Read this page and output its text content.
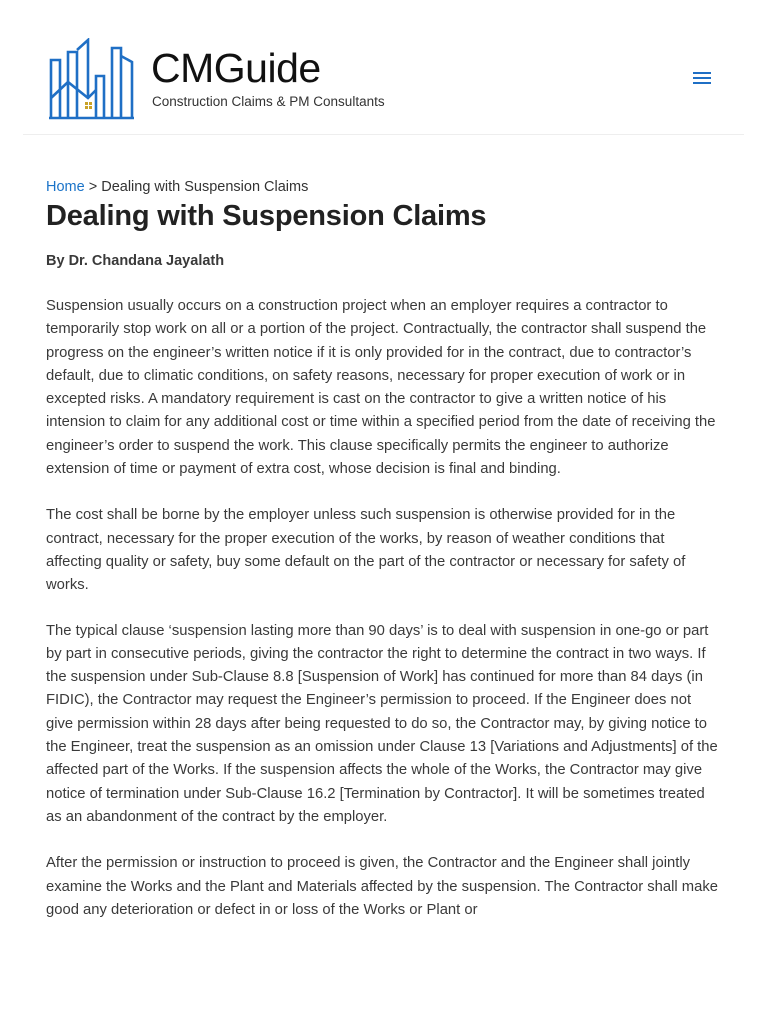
CMGuide
Construction Claims & PM Consultants
Home > Dealing with Suspension Claims
Dealing with Suspension Claims

By Dr. Chandana Jayalath

Suspension usually occurs on a construction project when an employer requires a contractor to temporarily stop work on all or a portion of the project. Contractually, the contractor shall suspend the progress on the engineer’s written notice if it is only provided for in the contract, due to contractor’s default, due to climatic conditions, on safety reasons, necessary for proper execution of work or in excepted risks. A mandatory requirement is cast on the contractor to give a written notice of his intension to claim for any additional cost or time within a specified period from the date of receiving the engineer’s order to suspend the work. This clause specifically permits the engineer to authorize extension of time or payment of extra cost, whose decision is final and binding.

The cost shall be borne by the employer unless such suspension is otherwise provided for in the contract, necessary for the proper execution of the works, by reason of weather conditions that affecting quality or safety, buy some default on the part of the contractor or necessary for safety of works.

The typical clause ‘suspension lasting more than 90 days’ is to deal with suspension in one-go or part by part in consecutive periods, giving the contractor the right to determine the contract in two ways. If the suspension under Sub-Clause 8.8 [Suspension of Work] has continued for more than 84 days (in FIDIC), the Contractor may request the Engineer’s permission to proceed. If the Engineer does not give permission within 28 days after being requested to do so, the Contractor may, by giving notice to the Engineer, treat the suspension as an omission under Clause 13 [Variations and Adjustments] of the affected part of the Works. If the suspension affects the whole of the Works, the Contractor may give notice of termination under Sub-Clause 16.2 [Termination by Contractor]. It will be sometimes treated as an abandonment of the contract by the employer.

After the permission or instruction to proceed is given, the Contractor and the Engineer shall jointly examine the Works and the Plant and Materials affected by the suspension. The Contractor shall make good any deterioration or defect in or loss of the Works or Plant or
